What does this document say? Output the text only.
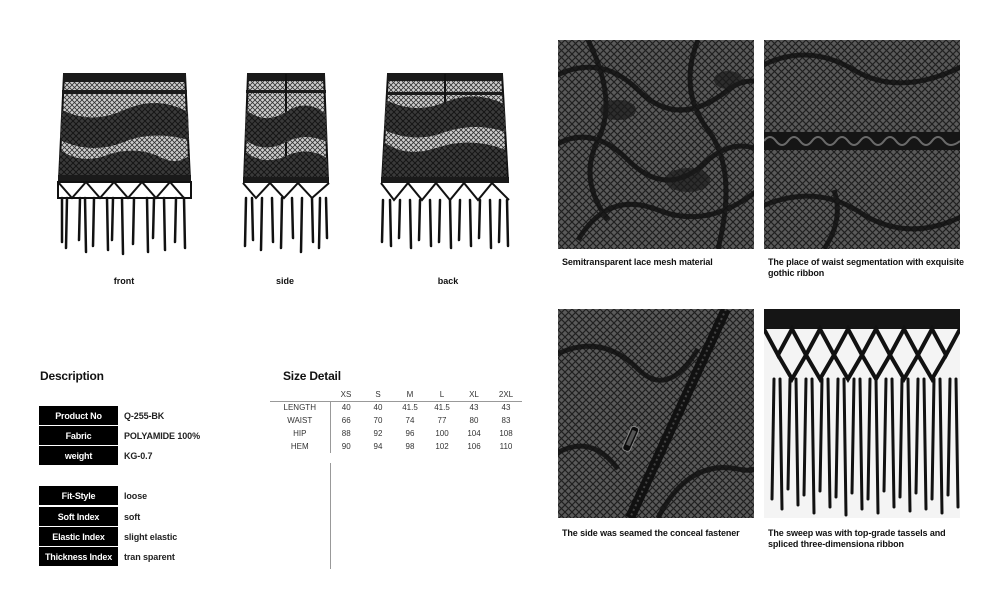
front	side	back
Semitransparent lace mesh material	The place of waist segmentation with exquisite gothic ribbon
The side was seamed the conceal fastener	The sweep was with top-grade tassels and spliced three-dimensiona ribbon
Description
Product No	Q-255-BK
Fabric	POLYAMIDE 100%
weight	KG-0.7
Fit-Style	loose
Soft Index	soft
Elastic Index	slight elastic
Thickness Index	tran sparent
Size Detail
	XS	S	M	L	XL	2XL
LENGTH	40	40	41.5	41.5	43	43
WAIST	66	70	74	77	80	83
HIP	88	92	96	100	104	108
HEM	90	94	98	102	106	110
